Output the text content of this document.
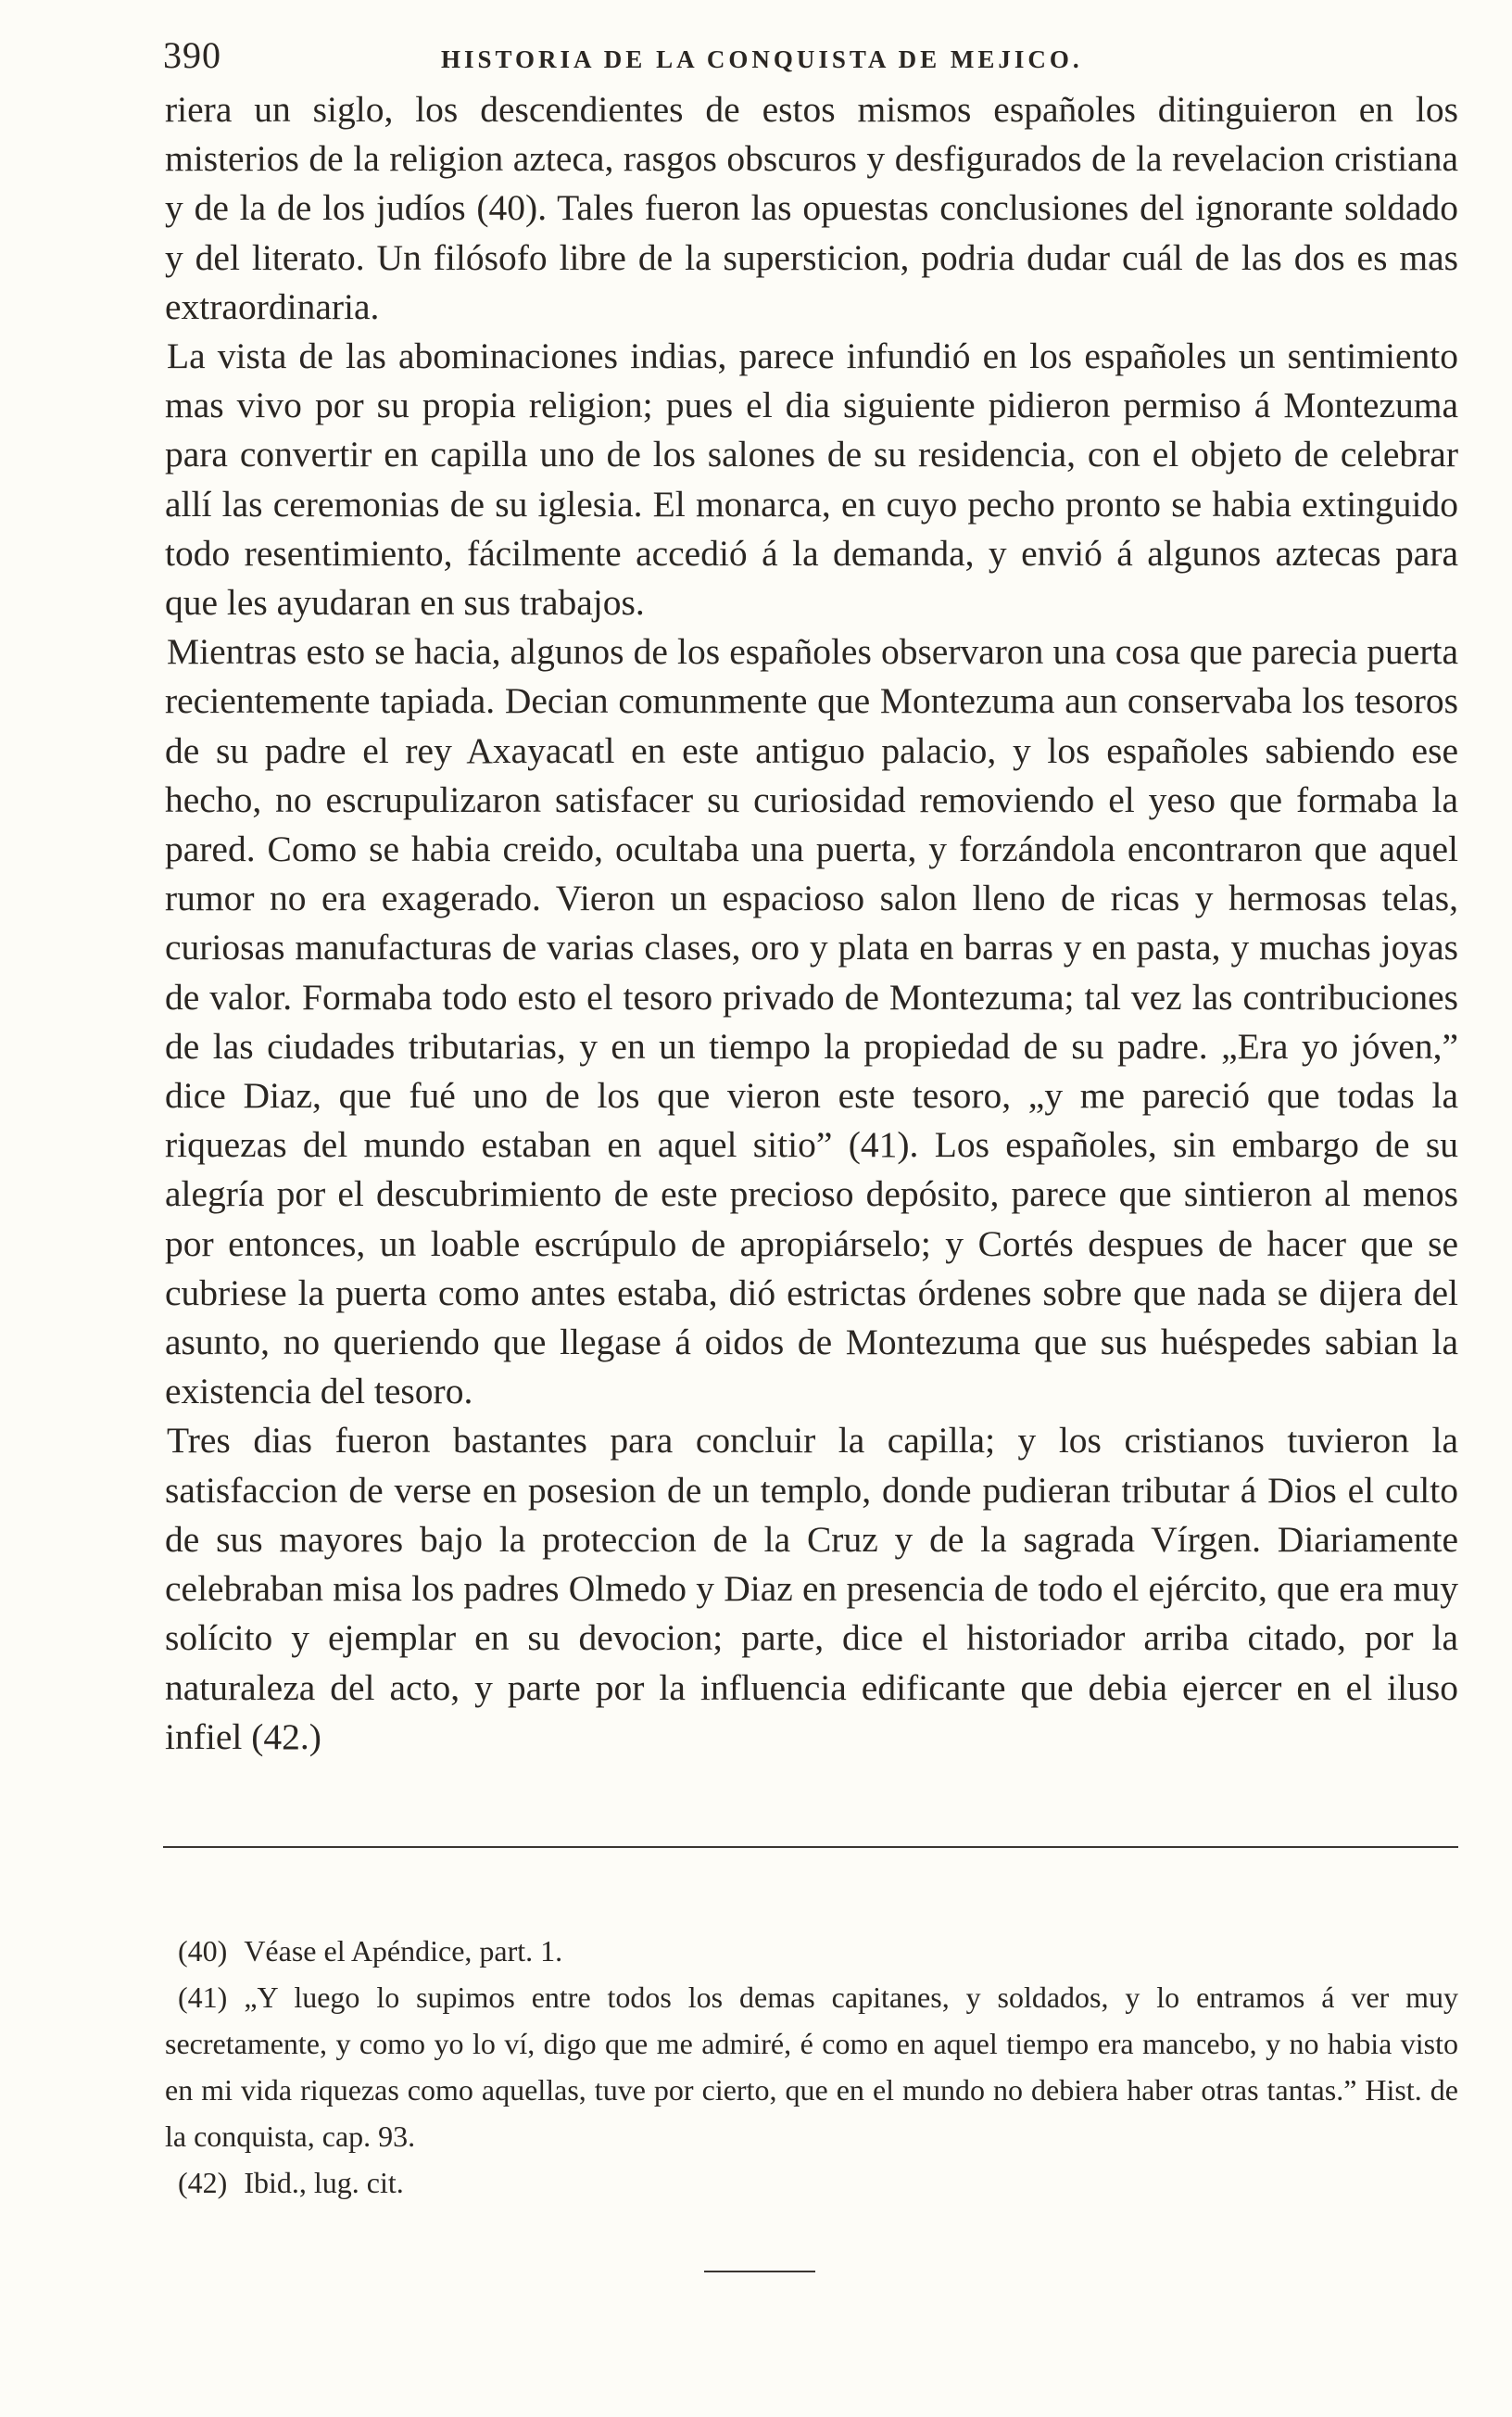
390	HISTORIA DE LA CONQUISTA DE MEJICO.

riera un siglo, los descendientes de estos mismos españoles ditinguieron en los misterios de la religion azteca, rasgos obscuros y desfigurados de la revelacion cristiana y de la de los judíos (40). Tales fueron las opuestas conclusiones del ignorante soldado y del literato. Un filósofo libre de la supersticion, podria dudar cuál de las dos es mas extraordinaria.

La vista de las abominaciones indias, parece infundió en los españoles un sentimiento mas vivo por su propia religion; pues el dia siguiente pidieron permiso á Montezuma para convertir en capilla uno de los salones de su residencia, con el objeto de celebrar allí las ceremonias de su iglesia. El monarca, en cuyo pecho pronto se habia extinguido todo resentimiento, fácilmente accedió á la demanda, y envió á algunos aztecas para que les ayudaran en sus trabajos.

Mientras esto se hacia, algunos de los españoles observaron una cosa que parecia puerta recientemente tapiada. Decian comunmente que Montezuma aun conservaba los tesoros de su padre el rey Axayacatl en este antiguo palacio, y los españoles sabiendo ese hecho, no escrupulizaron satisfacer su curiosidad removiendo el yeso que formaba la pared. Como se habia creido, ocultaba una puerta, y forzándola encontraron que aquel rumor no era exagerado. Vieron un espacioso salon lleno de ricas y hermosas telas, curiosas manufacturas de varias clases, oro y plata en barras y en pasta, y muchas joyas de valor. Formaba todo esto el tesoro privado de Montezuma; tal vez las contribuciones de las ciudades tributarias, y en un tiempo la propiedad de su padre. „Era yo jóven,” dice Diaz, que fué uno de los que vieron este tesoro, „y me pareció que todas la riquezas del mundo estaban en aquel sitio” (41). Los españoles, sin embargo de su alegría por el descubrimiento de este precioso depósito, parece que sintieron al menos por entonces, un loable escrúpulo de apropiárselo; y Cortés despues de hacer que se cubriese la puerta como antes estaba, dió estrictas órdenes sobre que nada se dijera del asunto, no queriendo que llegase á oidos de Montezuma que sus huéspedes sabian la existencia del tesoro.

Tres dias fueron bastantes para concluir la capilla; y los cristianos tuvieron la satisfaccion de verse en posesion de un templo, donde pudieran tributar á Dios el culto de sus mayores bajo la proteccion de la Cruz y de la sagrada Vírgen. Diariamente celebraban misa los padres Olmedo y Diaz en presencia de todo el ejército, que era muy solícito y ejemplar en su devocion; parte, dice el historiador arriba citado, por la naturaleza del acto, y parte por la influencia edificante que debia ejercer en el iluso infiel (42.)

(40) Véase el Apéndice, part. 1.

(41) „Y luego lo supimos entre todos los demas capitanes, y soldados, y lo entramos á ver muy secretamente, y como yo lo ví, digo que me admiré, é como en aquel tiempo era mancebo, y no habia visto en mi vida riquezas como aquellas, tuve por cierto, que en el mundo no debiera haber otras tantas.” Hist. de la conquista, cap. 93.

(42) Ibid., lug. cit.
